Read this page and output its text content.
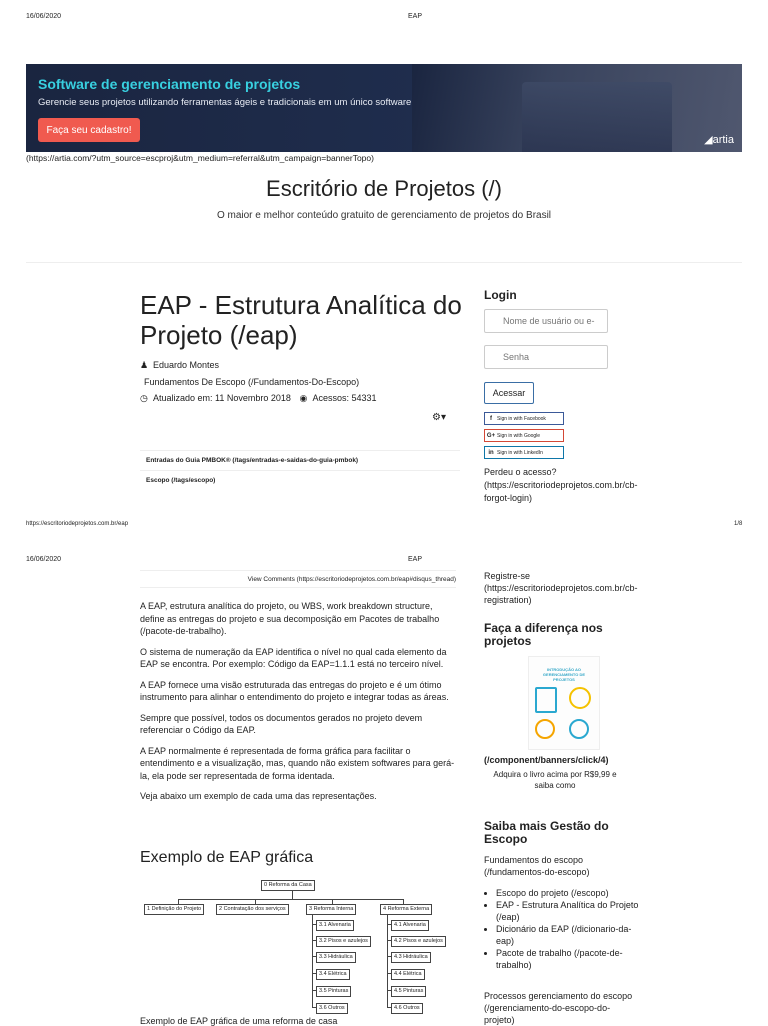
16/06/2020	EAP
Software de gerenciamento de projetos
Gerencie seus projetos utilizando ferramentas ágeis e tradicionais em um único software
Faça seu cadastro!
◢artia
(https://artia.com/?utm_source=escproj&utm_medium=referral&utm_campaign=bannerTopo)
Escritório de Projetos (/)
O maior e melhor conteúdo gratuito de gerenciamento de projetos do Brasil
EAP - Estrutura Analítica do Projeto (/eap)
♟ Eduardo Montes
Fundamentos De Escopo (/Fundamentos-Do-Escopo)
◷ Atualizado em: 11 Novembro 2018 ◉ Acessos: 54331
⚙▾
Entradas do Guia PMBOK® (/tags/entradas-e-saidas-do-guia-pmbok)
Escopo (/tags/escopo)
Login
Nome de usuário ou e-
Senha
Acessar
f	Sign in with Facebook
G+ Sign in with Google
in Sign in with LinkedIn
Perdeu o acesso? (https://escritoriodeprojetos.com.br/cb-forgot-login)
https://escritoriodeprojetos.com.br/eap	1/8
16/06/2020	EAP
View Comments (https://escritoriodeprojetos.com.br/eap#disqus_thread)

A EAP, estrutura analítica do projeto, ou WBS, work breakdown structure, define as entregas do projeto e sua decomposição em Pacotes de trabalho (/pacote-de-trabalho).

O sistema de numeração da EAP identifica o nível no qual cada elemento da EAP se encontra. Por exemplo: Código da EAP=1.1.1 está no terceiro nível.

A EAP fornece uma visão estruturada das entregas do projeto e é um ótimo instrumento para alinhar o entendimento do projeto e integrar todas as áreas.

Sempre que possível, todos os documentos gerados no projeto devem referenciar o Código da EAP.

A EAP normalmente é representada de forma gráfica para facilitar o entendimento e a visualização, mas, quando não existem softwares para gerá-la, ela pode ser representada de forma identada.

Veja abaixo um exemplo de cada uma das representações.

Exemplo de EAP gráfica
0 Reforma da Casa
1 Definição do Projeto	2 Contratação dos serviços	3 Reforma Interna	4 Reforma Externa
3.1 Alvenaria
3.2 Pisos e azulejos
3.3 Hidráulica
3.4 Elétrica
3.5 Pinturas
3.6 Outros
4.1 Alvenaria
4.2 Pisos e azulejos
4.3 Hidráulica
4.4 Elétrica
4.5 Pinturas
4.6 Outros
Exemplo de EAP gráfica de uma reforma de casa
Registre-se (https://escritoriodeprojetos.com.br/cb-registration)
Faça a diferença nos projetos
INTRODUÇÃO AO GERENCIAMENTO DE PROJETOS
(/component/banners/click/4)
Adquira o livro acima por R$9,99 e saiba como
Saiba mais Gestão do Escopo
Fundamentos do escopo (/fundamentos-do-escopo)
• Escopo do projeto (/escopo)
• EAP - Estrutura Analítica do Projeto (/eap)
• Dicionário da EAP (/dicionario-da-eap)
• Pacote de trabalho (/pacote-de-trabalho)
Processos gerenciamento do escopo (/gerenciamento-do-escopo-do-projeto)
